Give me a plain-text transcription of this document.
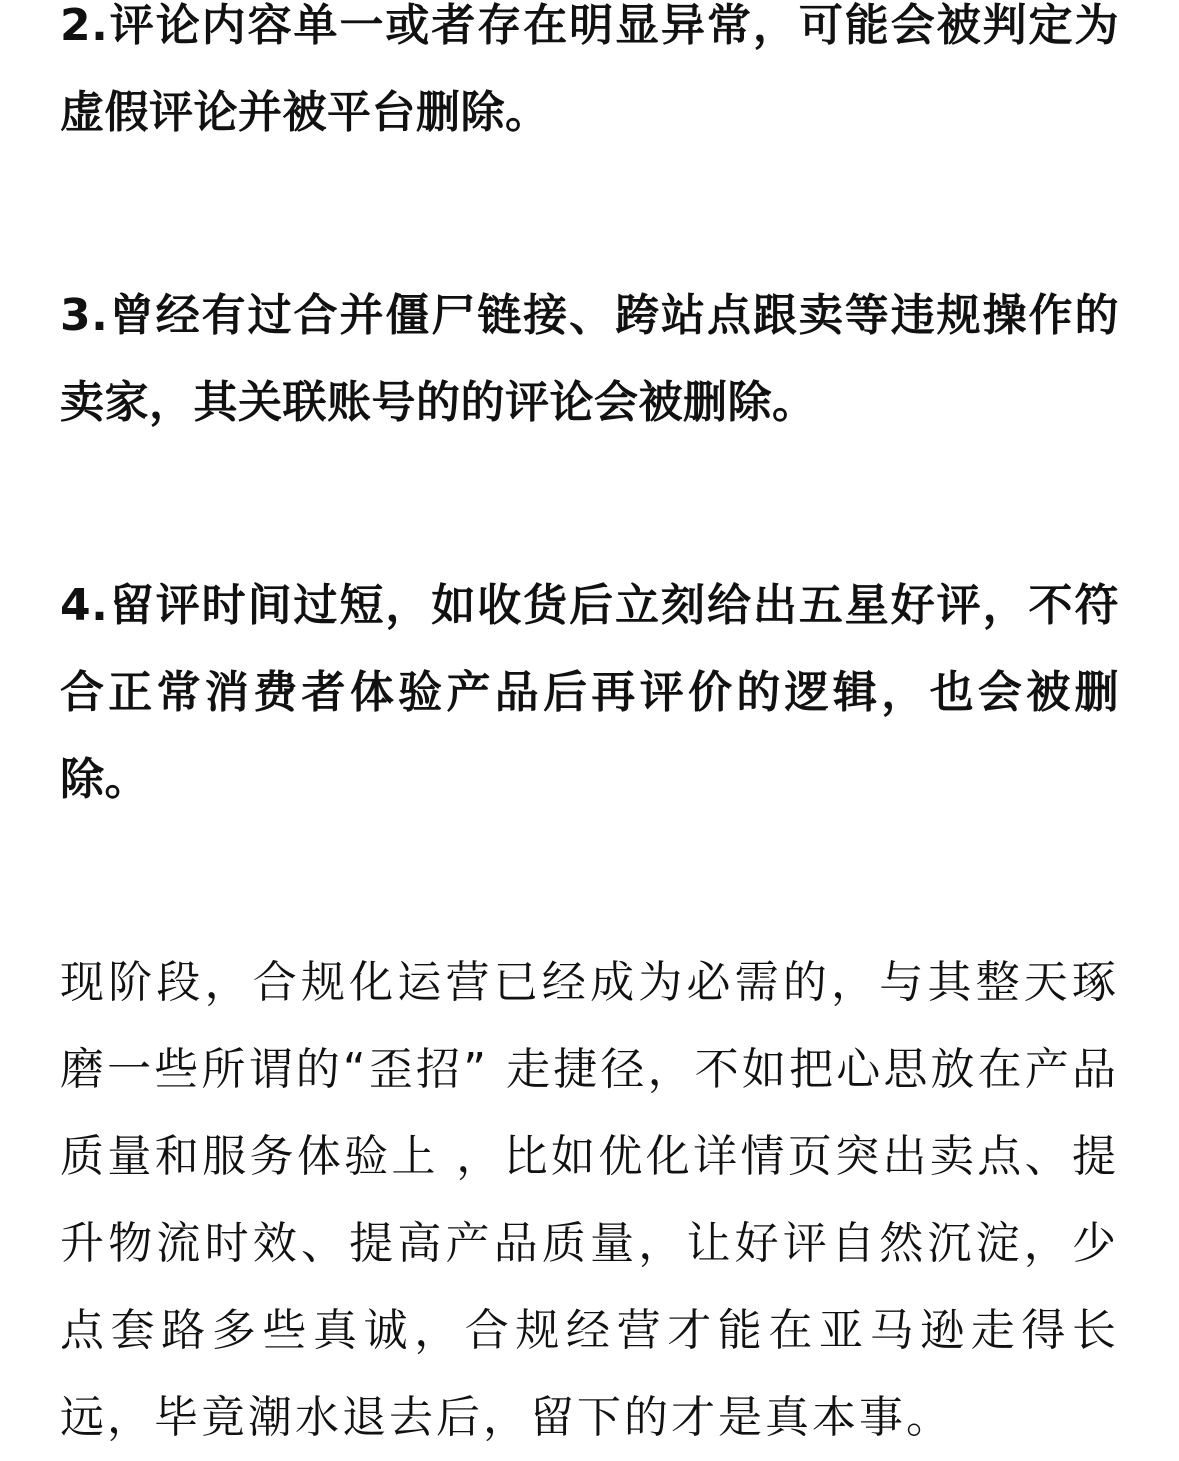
2.评论内容单一或者存在明显异常，可能会被判定为虚假评论并被平台删除。

3.曾经有过合并僵尸链接、跨站点跟卖等违规操作的卖家，其关联账号的的评论会被删除。

4.留评时间过短，如收货后立刻给出五星好评，不符合正常消费者体验产品后再评价的逻辑，也会被删除。

现阶段，合规化运营已经成为必需的，与其整天琢磨一些所谓的“歪招” 走捷径，不如把心思放在产品质量和服务体验上 ，比如优化详情页突出卖点、提升物流时效、提高产品质量，让好评自然沉淀，少点套路多些真诚，合规经营才能在亚马逊走得长远，毕竟潮水退去后，留下的才是真本事。
